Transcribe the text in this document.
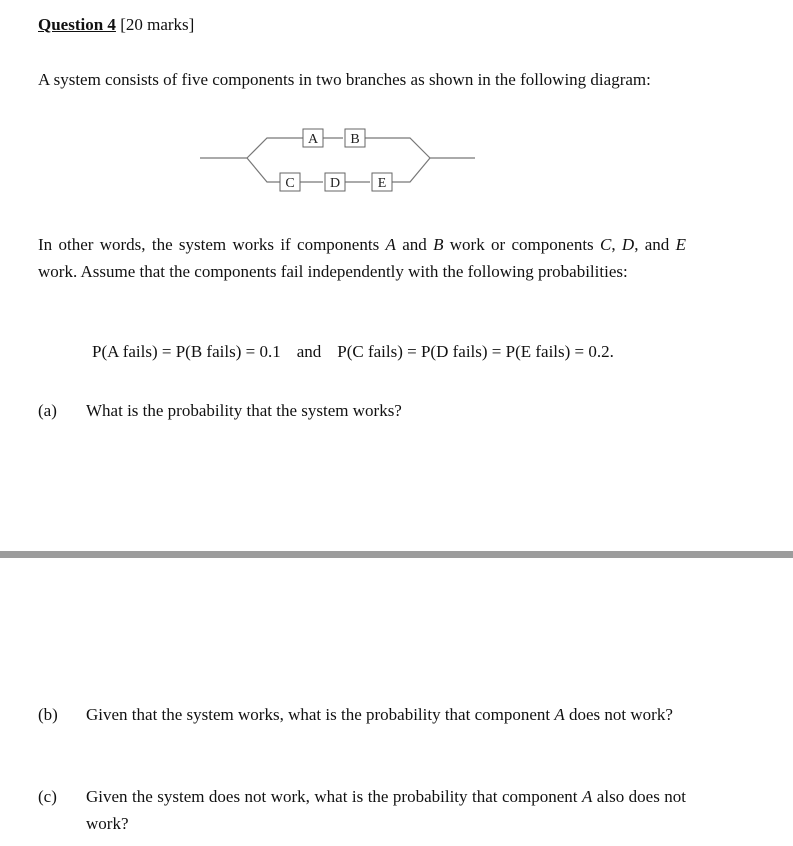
Question 4 [20 marks]
A system consists of five components in two branches as shown in the following diagram:
A B
C	D	E
In other words, the system works if components A and B work or components C, D, and E work. Assume that the components fail independently with the following probabilities:
P(A fails) = P(B fails) = 0.1 and P(C fails) = P(D fails) = P(E fails) = 0.2.
(a) What is the probability that the system works?
(b) Given that the system works, what is the probability that component A does not work?
(c) Given the system does not work, what is the probability that component A also does not work?
